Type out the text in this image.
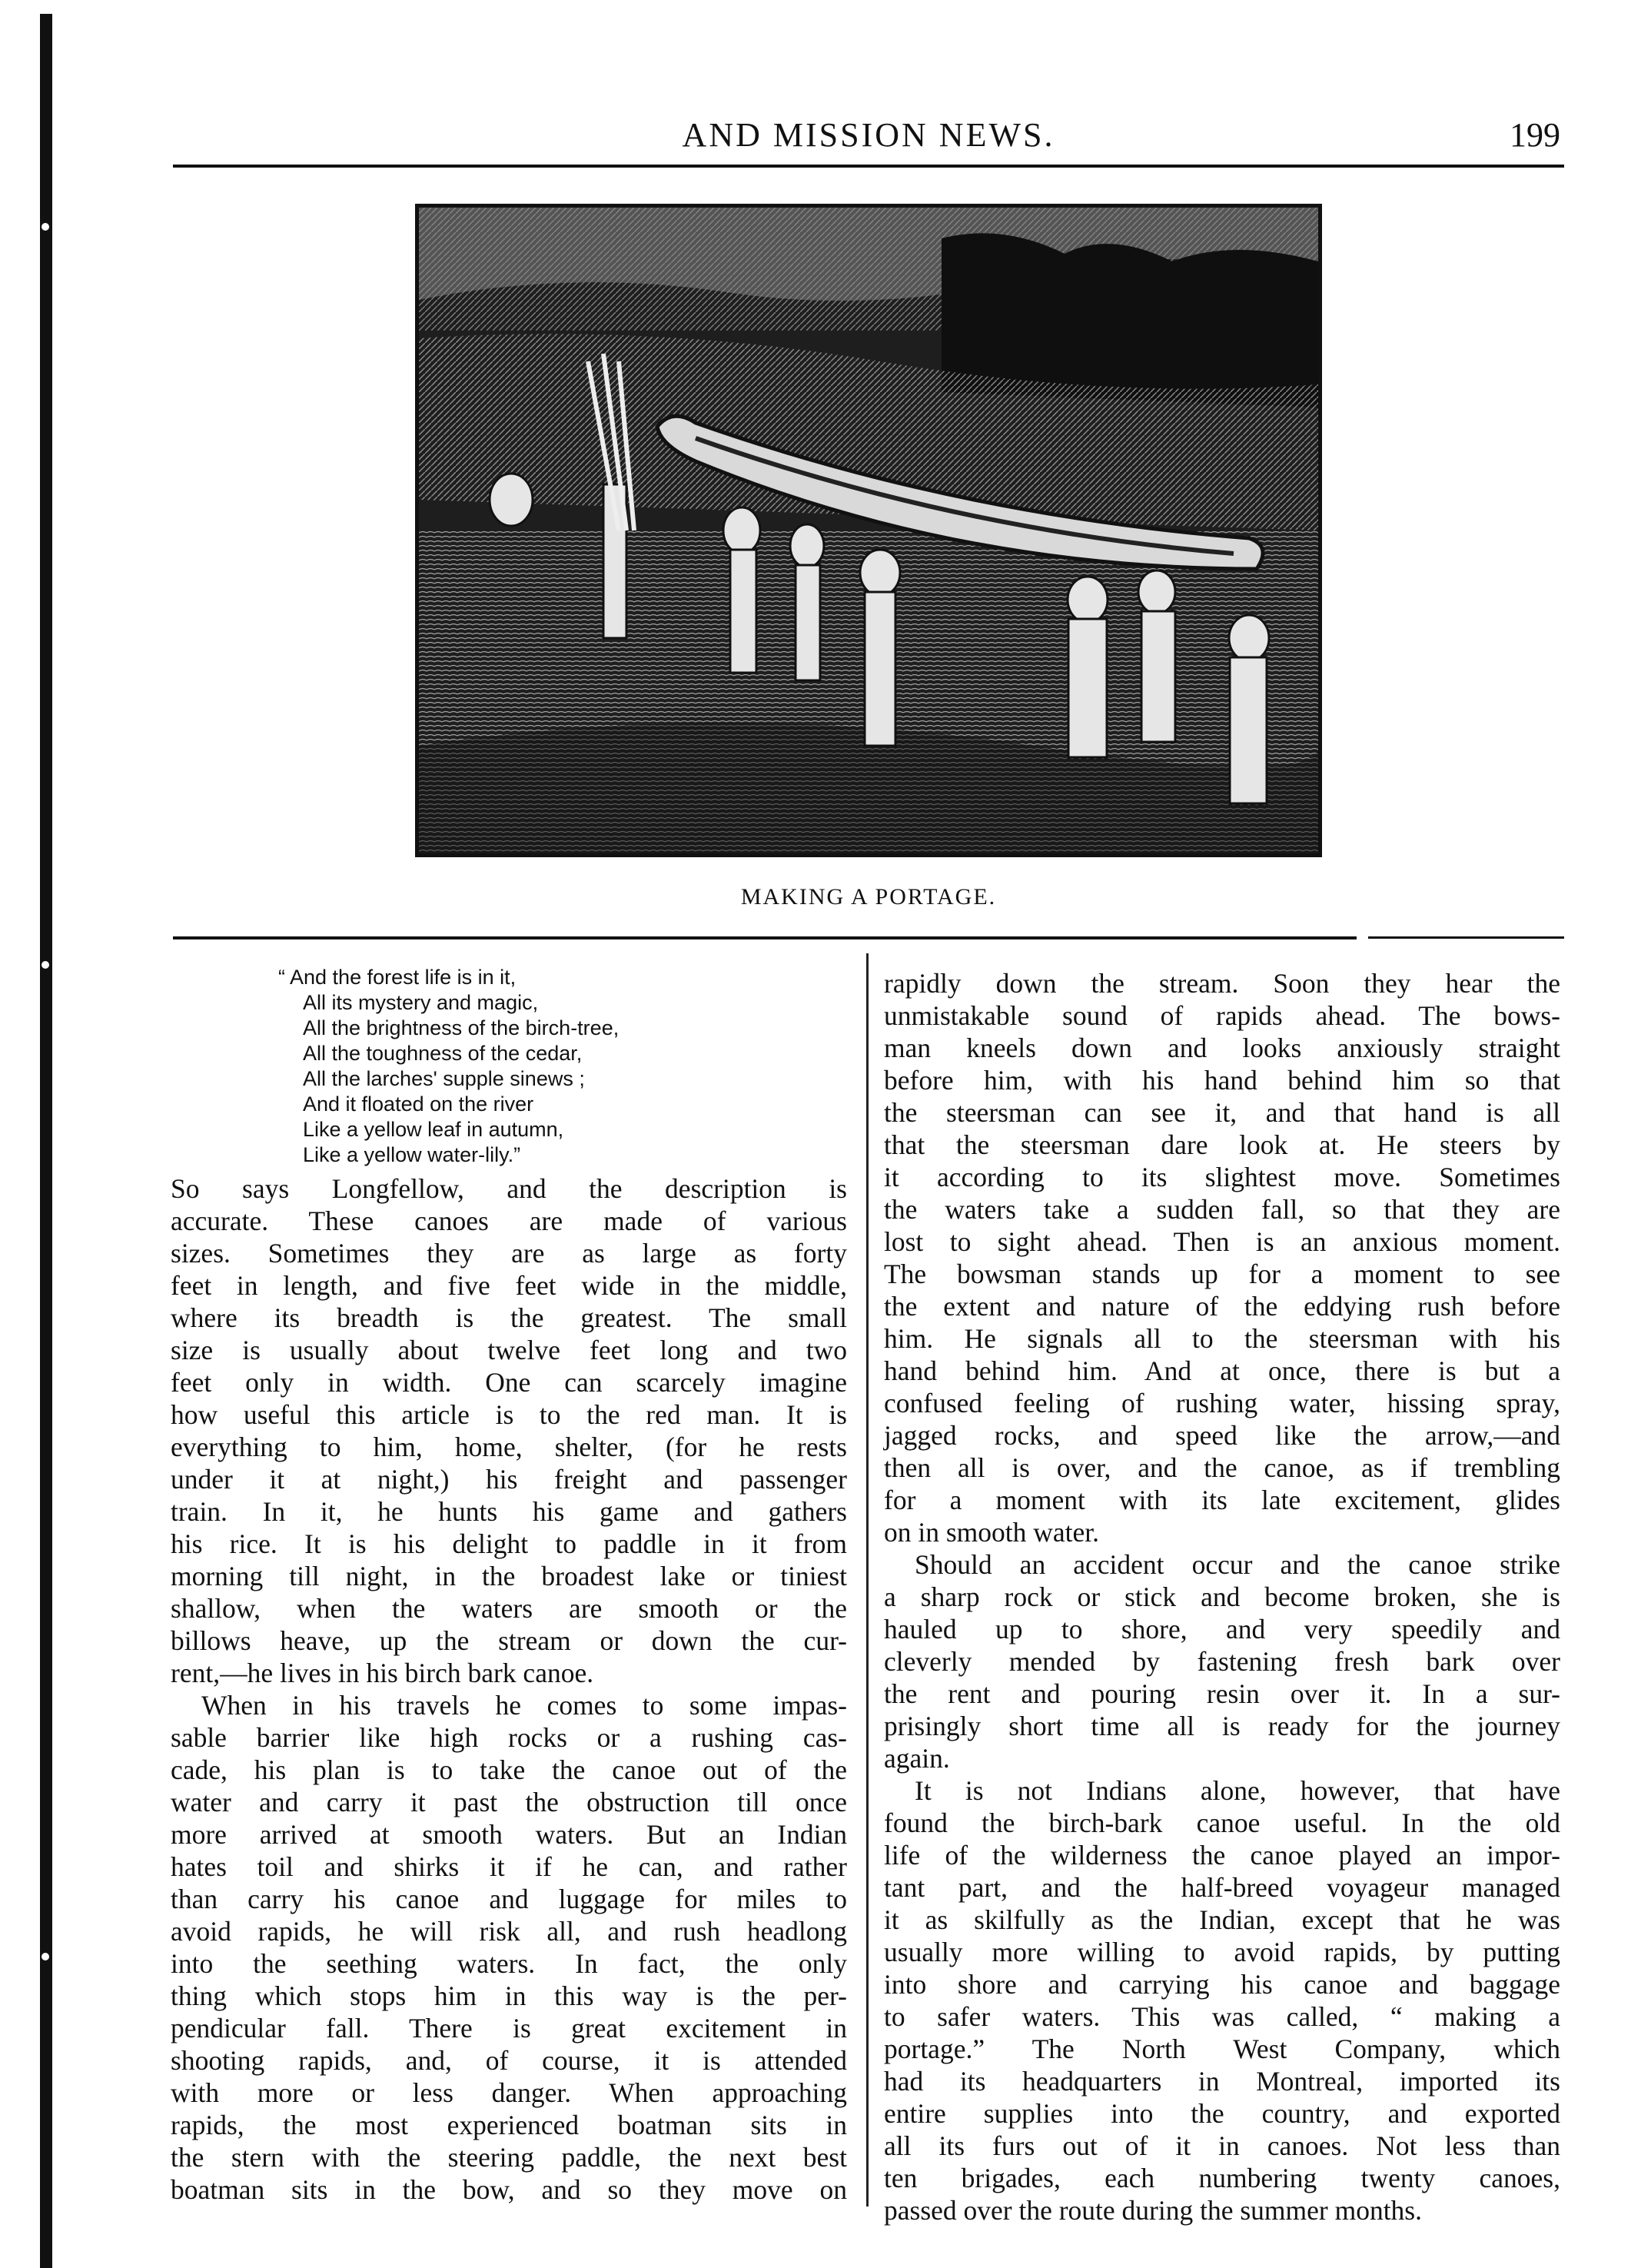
AND MISSION NEWS.	199
MAKING A PORTAGE.
“ And the forest life is in it,
All its mystery and magic,
All the brightness of the birch-tree,
All the toughness of the cedar,
All the larches' supple sinews ;
And it floated on the river
Like a yellow leaf in autumn,
Like a yellow water-lily.”
So says Longfellow, and the description is
accurate. These canoes are made of various
sizes. Sometimes they are as large as forty
feet in length, and five feet wide in the middle,
where its breadth is the greatest. The small
size is usually about twelve feet long and two
feet only in width. One can scarcely imagine
how useful this article is to the red man. It is
everything to him, home, shelter, (for he rests
under it at night,) his freight and passenger
train. In it, he hunts his game and gathers
his rice. It is his delight to paddle in it from
morning till night, in the broadest lake or tiniest
shallow, when the waters are smooth or the
billows heave, up the stream or down the cur-
rent,—he lives in his birch bark canoe.
When in his travels he comes to some impas-
sable barrier like high rocks or a rushing cas-
cade, his plan is to take the canoe out of the
water and carry it past the obstruction till once
more arrived at smooth waters. But an Indian
hates toil and shirks it if he can, and rather
than carry his canoe and luggage for miles to
avoid rapids, he will risk all, and rush headlong
into the seething waters. In fact, the only
thing which stops him in this way is the per-
pendicular fall. There is great excitement in
shooting rapids, and, of course, it is attended
with more or less danger. When approaching
rapids, the most experienced boatman sits in
the stern with the steering paddle, the next best
boatman sits in the bow, and so they move on
rapidly down the stream. Soon they hear the
unmistakable sound of rapids ahead. The bows-
man kneels down and looks anxiously straight
before him, with his hand behind him so that
the steersman can see it, and that hand is all
that the steersman dare look at. He steers by
it according to its slightest move. Sometimes
the waters take a sudden fall, so that they are
lost to sight ahead. Then is an anxious moment.
The bowsman stands up for a moment to see
the extent and nature of the eddying rush before
him. He signals all to the steersman with his
hand behind him. And at once, there is but a
confused feeling of rushing water, hissing spray,
jagged rocks, and speed like the arrow,—and
then all is over, and the canoe, as if trembling
for a moment with its late excitement, glides
on in smooth water.
Should an accident occur and the canoe strike
a sharp rock or stick and become broken, she is
hauled up to shore, and very speedily and
cleverly mended by fastening fresh bark over
the rent and pouring resin over it. In a sur-
prisingly short time all is ready for the journey
again.
It is not Indians alone, however, that have
found the birch-bark canoe useful. In the old
life of the wilderness the canoe played an impor-
tant part, and the half-breed voyageur managed
it as skilfully as the Indian, except that he was
usually more willing to avoid rapids, by putting
into shore and carrying his canoe and baggage
to safer waters. This was called, “ making a
portage.” The North West Company, which
had its headquarters in Montreal, imported its
entire supplies into the country, and exported
all its furs out of it in canoes. Not less than
ten brigades, each numbering twenty canoes,
passed over the route during the summer months.
